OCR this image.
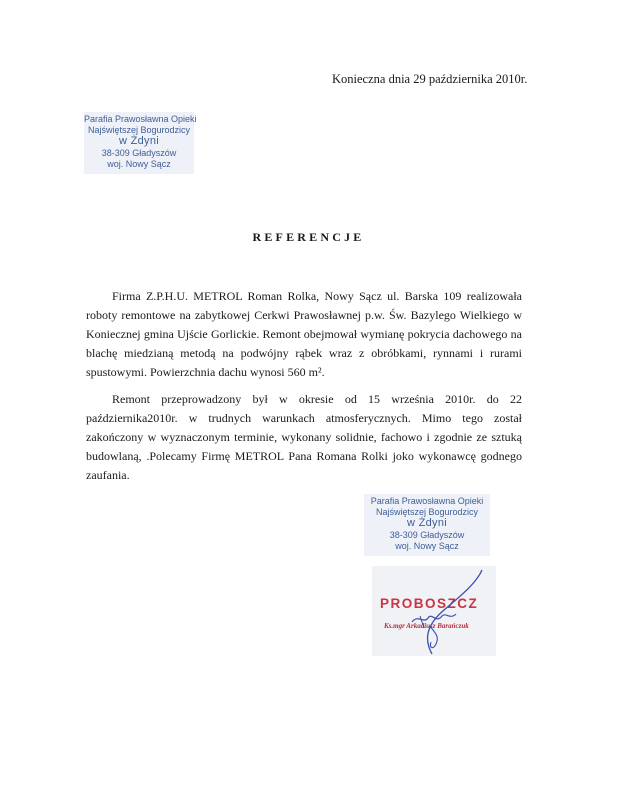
Konieczna dnia 29 października 2010r.
Parafia Prawosławna Opieki
Najświętszej Bogurodzicy
w Żdyni
38-309 Gładyszów
woj. Nowy Sącz
REFERENCJE

Firma Z.P.H.U. METROL Roman Rolka, Nowy Sącz ul. Barska 109 realizowała roboty remontowe na zabytkowej Cerkwi Prawosławnej p.w. Św. Bazylego Wielkiego w Koniecznej gmina Ujście Gorlickie. Remont obejmował wymianę pokrycia dachowego na blachę miedzianą metodą na podwójny rąbek wraz z obróbkami, rynnami i rurami spustowymi. Powierzchnia dachu wynosi 560 m².

Remont przeprowadzony był w okresie od 15 września 2010r. do 22 października2010r. w trudnych warunkach atmosferycznych. Mimo tego został zakończony w wyznaczonym terminie, wykonany solidnie, fachowo i zgodnie ze sztuką budowlaną, .Polecamy Firmę METROL Pana Romana Rolki joko wykonawcę godnego zaufania.

Parafia Prawosławna Opieki
Najświętszej Bogurodzicy
w Żdyni
38-309 Gładyszów
woj. Nowy Sącz
PROBOSZCZ
Ks.mgr Arkadiusz Barańczuk
